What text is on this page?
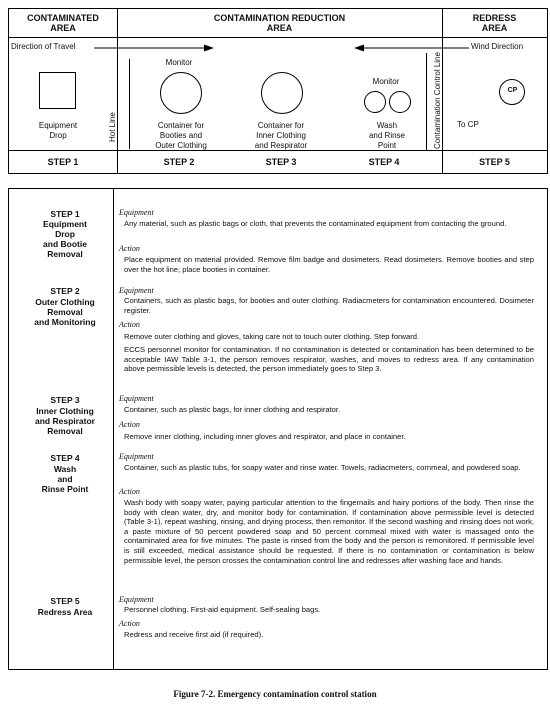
CONTAMINATED
AREA
CONTAMINATION REDUCTION
AREA
REDRESS
AREA
Direction of Travel	Wind Direction
Hot Line	Contamination Control Line
Equipment
Drop
Monitor
Container for
Booties and
Outer Clothing
Container for
Inner Clothing
and Respirator
Monitor
Wash
and Rinse
Point
CP
To CP
STEP 1	STEP 2	STEP 3	STEP 4	STEP 5
STEP 1
Equipment
Drop
and Bootie
Removal
Equipment
Any material, such as plastic bags or cloth, that prevents the contaminated equipment from contacting the ground.
Action
Place equipment on material provided. Remove film badge and dosimeters. Read dosimeters. Remove booties and step over the hot line; place booties in container.
STEP 2
Outer Clothing
Removal
and Monitoring
Equipment
Containers, such as plastic bags, for booties and outer clothing. Radiacmeters for contamination encountered. Dosimeter register.
Action
Remove outer clothing and gloves, taking care not to touch outer clothing. Step forward.
ECCS personnel monitor for contamination. If no contamination is detected or contamination has been determined to be acceptable IAW Table 3-1, the person removes respirator, washes, and moves to redress area. If any contamination above permissible levels is detected, the person immediately goes to Step 3.
STEP 3
Inner Clothing
and Respirator
Removal
Equipment
Container, such as plastic bags, for inner clothing and respirator.
Action
Remove inner clothing, including inner gloves and respirator, and place in container.
STEP 4
Wash
and
Rinse Point
Equipment
Container, such as plastic tubs, for soapy water and rinse water. Towels, radiacmeters, cornmeal, and powdered soap.
Action
Wash body with soapy water, paying particular attention to the fingernails and hairy portions of the body. Then rinse the body with clean water, dry, and monitor body for contamination. If contamination above permissible level is detected (Table 3-1), repeat washing, rinsing, and drying process, then remonitor. If the second washing and rinsing does not work, a paste mixture of 50 percent powdered soap and 50 percent cornmeal mixed with water is massaged onto the contaminated area for five minutes. The paste is rinsed from the body and the person is remonitored. If permissible level is still exceeded, medical assistance should be requested. If there is no contamination or contamination is below permissible level, the person crosses the contamination control line and redresses after washing face and hands.
STEP 5
Redress Area
Equipment
Personnel clothing. First-aid equipment. Self-sealing bags.
Action
Redress and receive first aid (if required).
Figure 7-2. Emergency contamination control station
